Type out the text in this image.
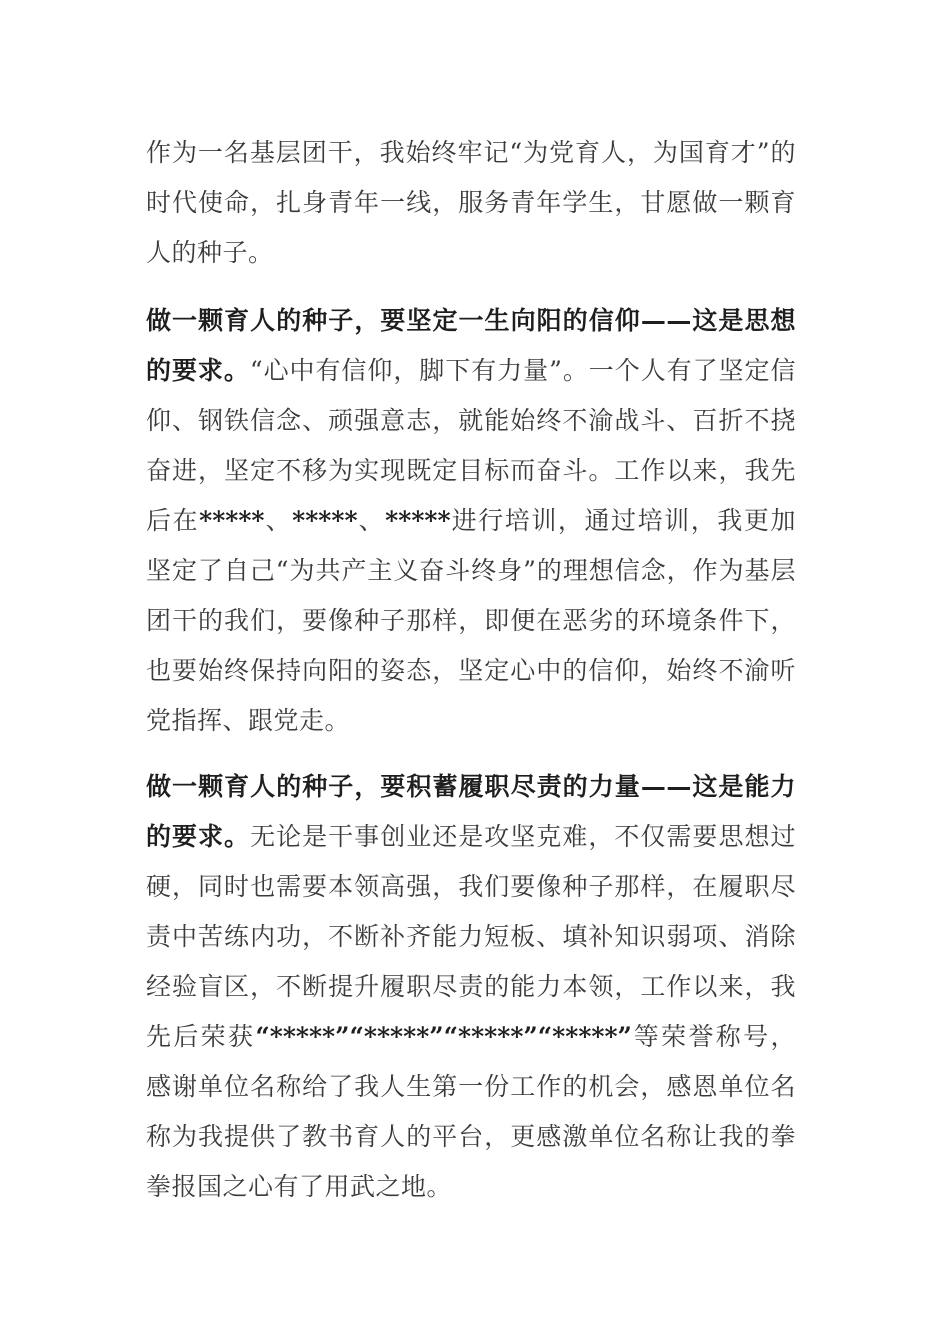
作为一名基层团干，我始终牢记“为党育人，为国育才”的时代使命，扎身青年一线，服务青年学生，甘愿做一颗育人的种子。

做一颗育人的种子，要坚定一生向阳的信仰——这是思想的要求。“心中有信仰，脚下有力量”。一个人有了坚定信仰、钢铁信念、顽强意志，就能始终不渝战斗、百折不挠奋进，坚定不移为实现既定目标而奋斗。工作以来，我先后在*****、*****、*****进行培训，通过培训，我更加坚定了自己“为共产主义奋斗终身”的理想信念，作为基层团干的我们，要像种子那样，即便在恶劣的环境条件下，也要始终保持向阳的姿态，坚定心中的信仰，始终不渝听党指挥、跟党走。

做一颗育人的种子，要积蓄履职尽责的力量——这是能力的要求。无论是干事创业还是攻坚克难，不仅需要思想过硬，同时也需要本领高强，我们要像种子那样，在履职尽责中苦练内功，不断补齐能力短板、填补知识弱项、消除经验盲区，不断提升履职尽责的能力本领，工作以来，我先后荣获“*****”“*****”“*****”“*****”等荣誉称号，感谢单位名称给了我人生第一份工作的机会，感恩单位名称为我提供了教书育人的平台，更感激单位名称让我的拳拳报国之心有了用武之地。
